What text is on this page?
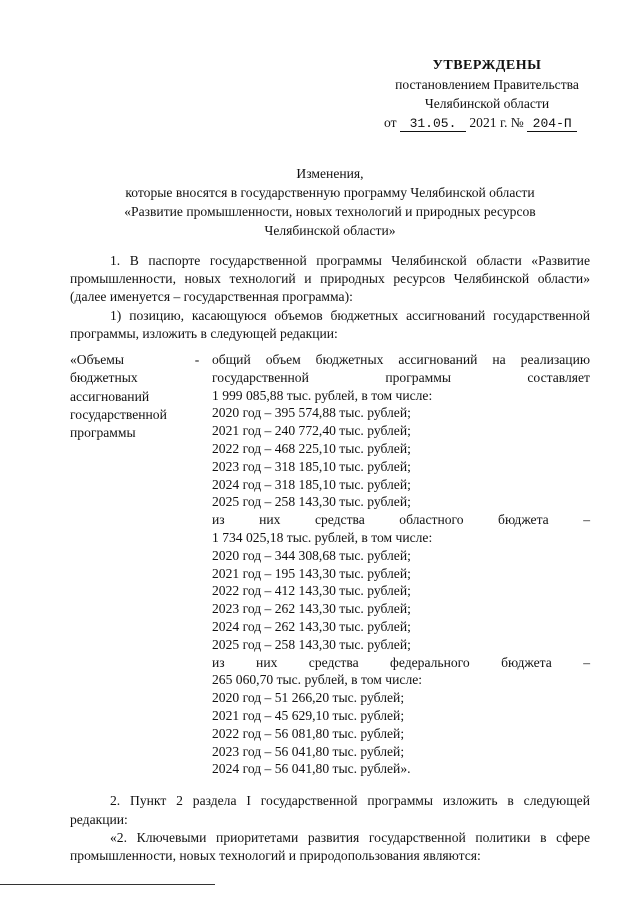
УТВЕРЖДЕНЫ
постановлением Правительства
Челябинской области
от 31.05. 2021 г. № 204-П
Изменения,
которые вносятся в государственную программу Челябинской области
«Развитие промышленности, новых технологий и природных ресурсов
Челябинской области»
1. В паспорте государственной программы Челябинской области «Развитие промышленности, новых технологий и природных ресурсов Челябинской области» (далее именуется – государственная программа):
1) позицию, касающуюся объемов бюджетных ассигнований государственной программы, изложить в следующей редакции:
«Объемы
бюджетных
ассигнований
государственной
программы
- общий объем бюджетных ассигнований на реализацию
государственной программы составляет
1 999 085,88 тыс. рублей, в том числе:
2020 год – 395 574,88 тыс. рублей;
2021 год – 240 772,40 тыс. рублей;
2022 год – 468 225,10 тыс. рублей;
2023 год – 318 185,10 тыс. рублей;
2024 год – 318 185,10 тыс. рублей;
2025 год – 258 143,30 тыс. рублей;
из них средства областного бюджета –
1 734 025,18 тыс. рублей, в том числе:
2020 год – 344 308,68 тыс. рублей;
2021 год – 195 143,30 тыс. рублей;
2022 год – 412 143,30 тыс. рублей;
2023 год – 262 143,30 тыс. рублей;
2024 год – 262 143,30 тыс. рублей;
2025 год – 258 143,30 тыс. рублей;
из них средства федерального бюджета –
265 060,70 тыс. рублей, в том числе:
2020 год – 51 266,20 тыс. рублей;
2021 год – 45 629,10 тыс. рублей;
2022 год – 56 081,80 тыс. рублей;
2023 год – 56 041,80 тыс. рублей;
2024 год – 56 041,80 тыс. рублей».
2. Пункт 2 раздела I государственной программы изложить в следующей редакции:
«2. Ключевыми приоритетами развития государственной политики в сфере промышленности, новых технологий и природопользования являются:
